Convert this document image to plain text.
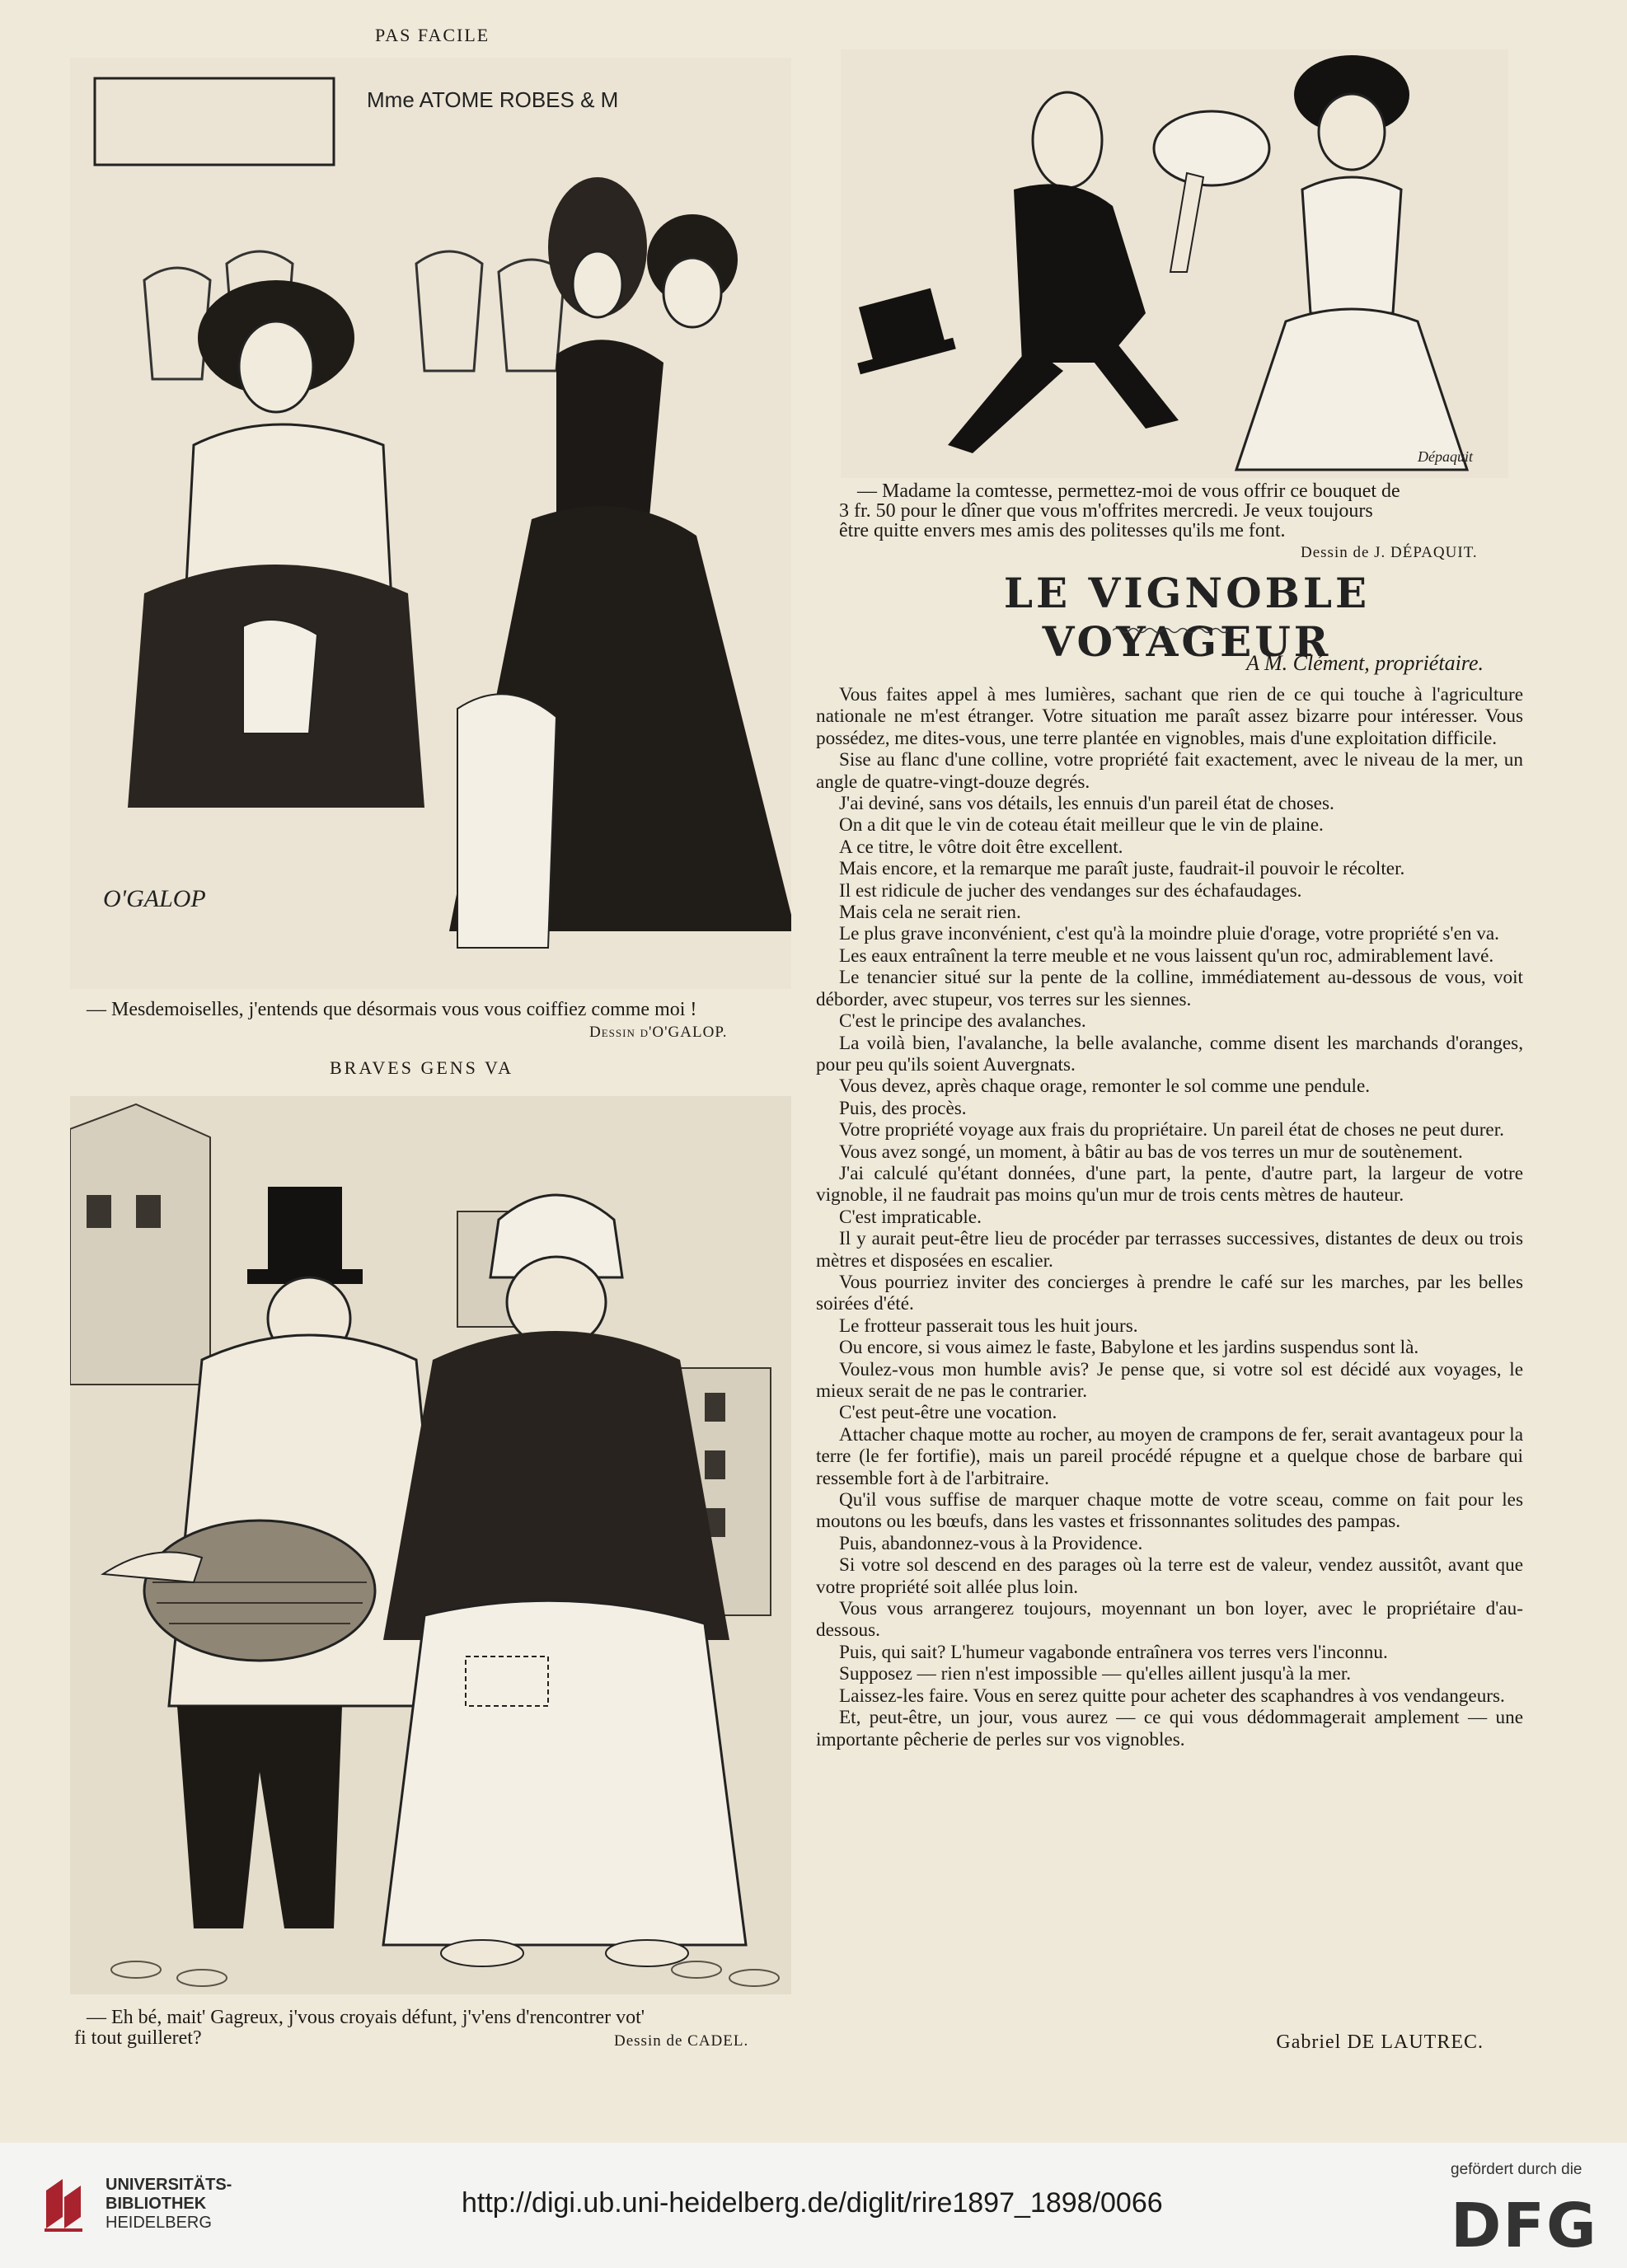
PAS FACILE
Mme ATOME ROBES & M
O'GALOP
— Mesdemoiselles, j'entends que désormais vous vous coiffiez comme moi !
Dessin d'O'GALOP.
BRAVES GENS VA
— Eh bé, mait' Gagreux, j'vous croyais défunt, j'v'ens d'rencontrer vot'
fi tout guilleret?	Dessin de CADEL.
Dépaquit
— Madame la comtesse, permettez-moi de vous offrir ce bouquet de
3 fr. 50 pour le dîner que vous m'offrites mercredi. Je veux toujours
être quitte envers mes amis des politesses qu'ils me font.
Dessin de J. DÉPAQUIT.
LE VIGNOBLE VOYAGEUR
A M. Clément, propriétaire.

Vous faites appel à mes lumières, sachant que rien de ce qui touche à l'agriculture nationale ne m'est étranger. Votre situation me paraît assez bizarre pour intéresser. Vous possédez, me dites-vous, une terre plantée en vignobles, mais d'une exploitation difficile.

Sise au flanc d'une colline, votre propriété fait exactement, avec le niveau de la mer, un angle de quatre-vingt-douze degrés.

J'ai deviné, sans vos détails, les ennuis d'un pareil état de choses.

On a dit que le vin de coteau était meilleur que le vin de plaine.

A ce titre, le vôtre doit être excellent.

Mais encore, et la remarque me paraît juste, faudrait-il pouvoir le récolter.

Il est ridicule de jucher des vendanges sur des échafaudages.

Mais cela ne serait rien.

Le plus grave inconvénient, c'est qu'à la moindre pluie d'orage, votre propriété s'en va.

Les eaux entraînent la terre meuble et ne vous laissent qu'un roc, admirablement lavé.

Le tenancier situé sur la pente de la colline, immédiatement au-dessous de vous, voit déborder, avec stupeur, vos terres sur les siennes.

C'est le principe des avalanches.

La voilà bien, l'avalanche, la belle avalanche, comme disent les marchands d'oranges, pour peu qu'ils soient Auvergnats.

Vous devez, après chaque orage, remonter le sol comme une pendule.

Puis, des procès.

Votre propriété voyage aux frais du propriétaire. Un pareil état de choses ne peut durer.

Vous avez songé, un moment, à bâtir au bas de vos terres un mur de soutènement.

J'ai calculé qu'étant données, d'une part, la pente, d'autre part, la largeur de votre vignoble, il ne faudrait pas moins qu'un mur de trois cents mètres de hauteur.

C'est impraticable.

Il y aurait peut-être lieu de procéder par terrasses successives, distantes de deux ou trois mètres et disposées en escalier.

Vous pourriez inviter des concierges à prendre le café sur les marches, par les belles soirées d'été.

Le frotteur passerait tous les huit jours.

Ou encore, si vous aimez le faste, Babylone et les jardins suspendus sont là.

Voulez-vous mon humble avis? Je pense que, si votre sol est décidé aux voyages, le mieux serait de ne pas le contrarier.

C'est peut-être une vocation.

Attacher chaque motte au rocher, au moyen de crampons de fer, serait avantageux pour la terre (le fer fortifie), mais un pareil procédé répugne et a quelque chose de barbare qui ressemble fort à de l'arbitraire.

Qu'il vous suffise de marquer chaque motte de votre sceau, comme on fait pour les moutons ou les bœufs, dans les vastes et frissonnantes solitudes des pampas.

Puis, abandonnez-vous à la Providence.

Si votre sol descend en des parages où la terre est de valeur, vendez aussitôt, avant que votre propriété soit allée plus loin.

Vous vous arrangerez toujours, moyennant un bon loyer, avec le propriétaire d'au-dessous.

Puis, qui sait? L'humeur vagabonde entraînera vos terres vers l'inconnu.

Supposez — rien n'est impossible — qu'elles aillent jusqu'à la mer.

Laissez-les faire. Vous en serez quitte pour acheter des scaphandres à vos vendangeurs.

Et, peut-être, un jour, vous aurez — ce qui vous dédommagerait amplement — une importante pêcherie de perles sur vos vignobles.

Gabriel DE LAUTREC.
UNIVERSITÄTS-
BIBLIOTHEK
HEIDELBERG
http://digi.ub.uni-heidelberg.de/diglit/rire1897_1898/0066
gefördert durch die
DFG
